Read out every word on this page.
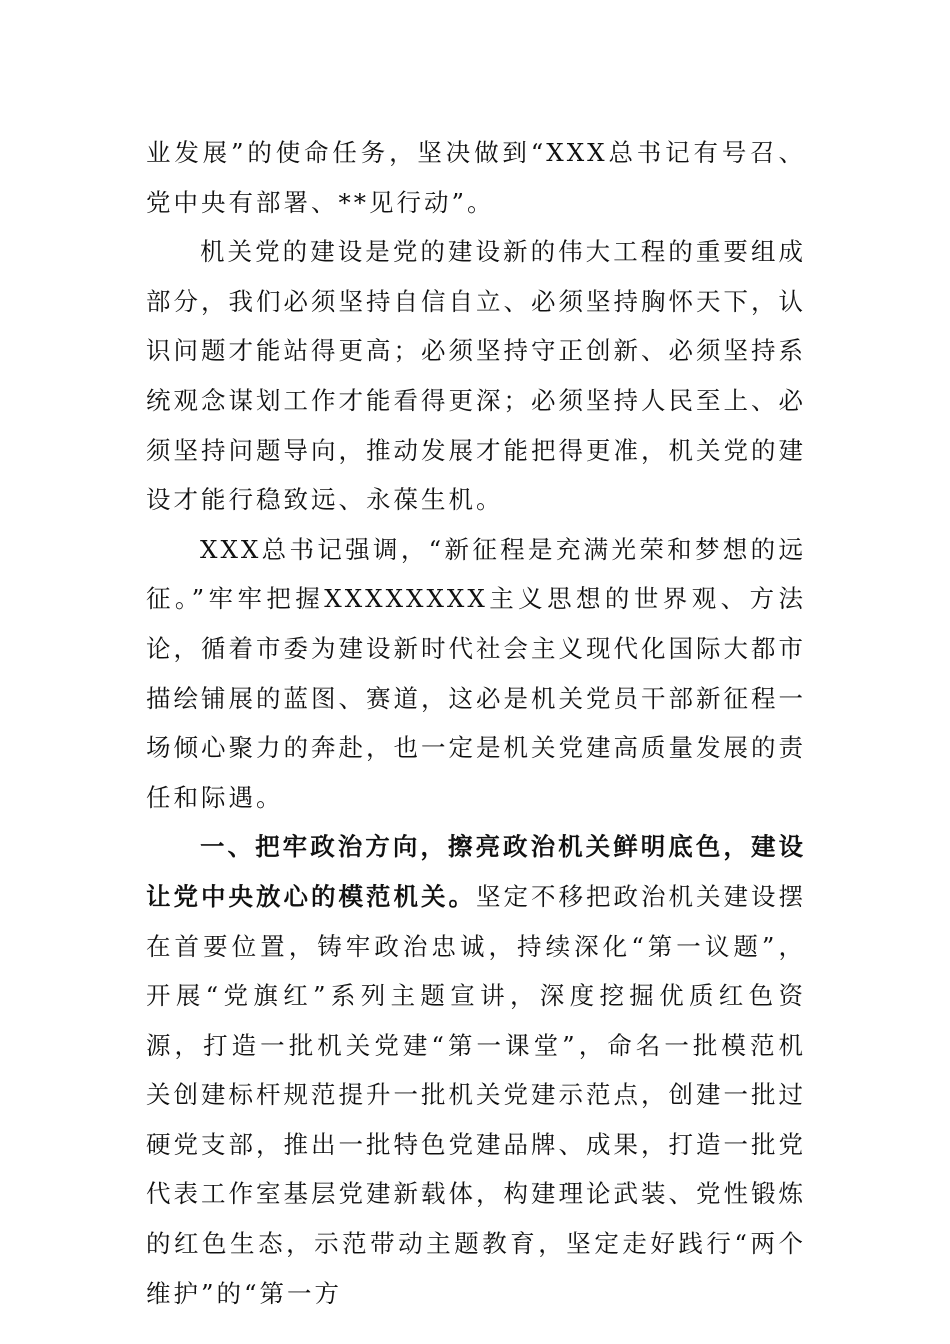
业发展”的使命任务，坚决做到“XXX总书记有号召、党中央有部署、**见行动”。

机关党的建设是党的建设新的伟大工程的重要组成部分，我们必须坚持自信自立、必须坚持胸怀天下，认识问题才能站得更高；必须坚持守正创新、必须坚持系统观念谋划工作才能看得更深；必须坚持人民至上、必须坚持问题导向，推动发展才能把得更准，机关党的建设才能行稳致远、永葆生机。

XXX总书记强调，“新征程是充满光荣和梦想的远征。”牢牢把握XXXXXXXX主义思想的世界观、方法论，循着市委为建设新时代社会主义现代化国际大都市描绘铺展的蓝图、赛道，这必是机关党员干部新征程一场倾心聚力的奔赴，也一定是机关党建高质量发展的责任和际遇。

一、把牢政治方向，擦亮政治机关鲜明底色，建设让党中央放心的模范机关。坚定不移把政治机关建设摆在首要位置，铸牢政治忠诚，持续深化“第一议题”，开展“党旗红”系列主题宣讲，深度挖掘优质红色资源，打造一批机关党建“第一课堂”，命名一批模范机关创建标杆规范提升一批机关党建示范点，创建一批过硬党支部，推出一批特色党建品牌、成果，打造一批党代表工作室基层党建新载体，构建理论武装、党性锻炼的红色生态，示范带动主题教育，坚定走好践行“两个维护”的“第一方
